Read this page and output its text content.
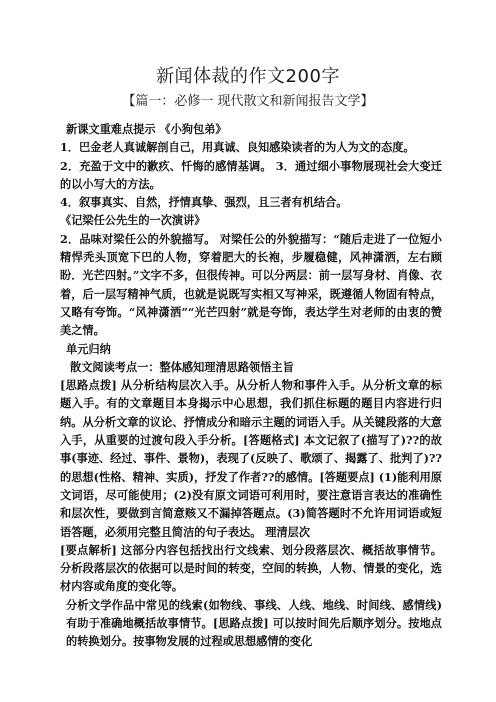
新闻体裁的作文200字
【篇一：必修一 现代散文和新闻报告文学】

新课文重难点提示 《小狗包弟》

1．巴金老人真诚解剖自己，用真诚、良知感染读者的为人为文的态度。

2．充盈于文中的歉疚、忏悔的感情基调。 3．通过细小事物展现社会大变迁的以小写大的方法。

4．叙事真实、自然，抒情真挚、强烈，且三者有机结合。

《记梁任公先生的一次演讲》

2．品味对梁任公的外貌描写。 对梁任公的外貌描写：“随后走进了一位短小精悍秃头顶宽下巴的人物，穿着肥大的长袍，步履稳健，风神潇洒，左右顾盼．光芒四射。”文字不多，但很传神。可以分两层：前一层写身材、肖像、衣着，后一层写精神气质，也就是说既写实相又写神采，既遵循人物固有特点，又略有夸饰。“风神潇洒”“光芒四射”就是夸饰，表达学生对老师的由衷的赞美之情。

单元归纳

散文阅读考点一：整体感知理清思路领悟主旨

[思路点拨] 从分析结构层次入手。从分析人物和事件入手。从分析文章的标题入手。有的文章题目本身揭示中心思想，我们抓住标题的题目内容进行归纳。从分析文章的议论、抒情成分和暗示主题的词语入手。从关键段落的大意入手，从重要的过渡句段入手分析。[答题格式] 本文记叙了(描写了)??的故事(事迹、经过、事件、景物)，表现了(反映了、歌颂了、揭露了、批判了)??的思想(性格、精神、实质)，抒发了作者??的感情。[答题要点] (1)能利用原文词语，尽可能使用；(2)没有原文词语可利用时，要注意语言表达的准确性和层次性，要做到言简意赅又不漏掉答题点。(3)简答题时不允许用词语或短语答题，必须用完整且简洁的句子表达。 理清层次

[要点解析] 这部分内容包括找出行文线索、划分段落层次、概括故事情节。分析段落层次的依据可以是时间的转变，空间的转换，人物、情景的变化，选材内容或角度的变化等。

分析文学作品中常见的线索(如物线、事线、人线、地线、时间线、感情线)有助于准确地概括故事情节。[思路点拨] 可以按时间先后顺序划分。按地点的转换划分。按事物发展的过程或思想感情的变化
